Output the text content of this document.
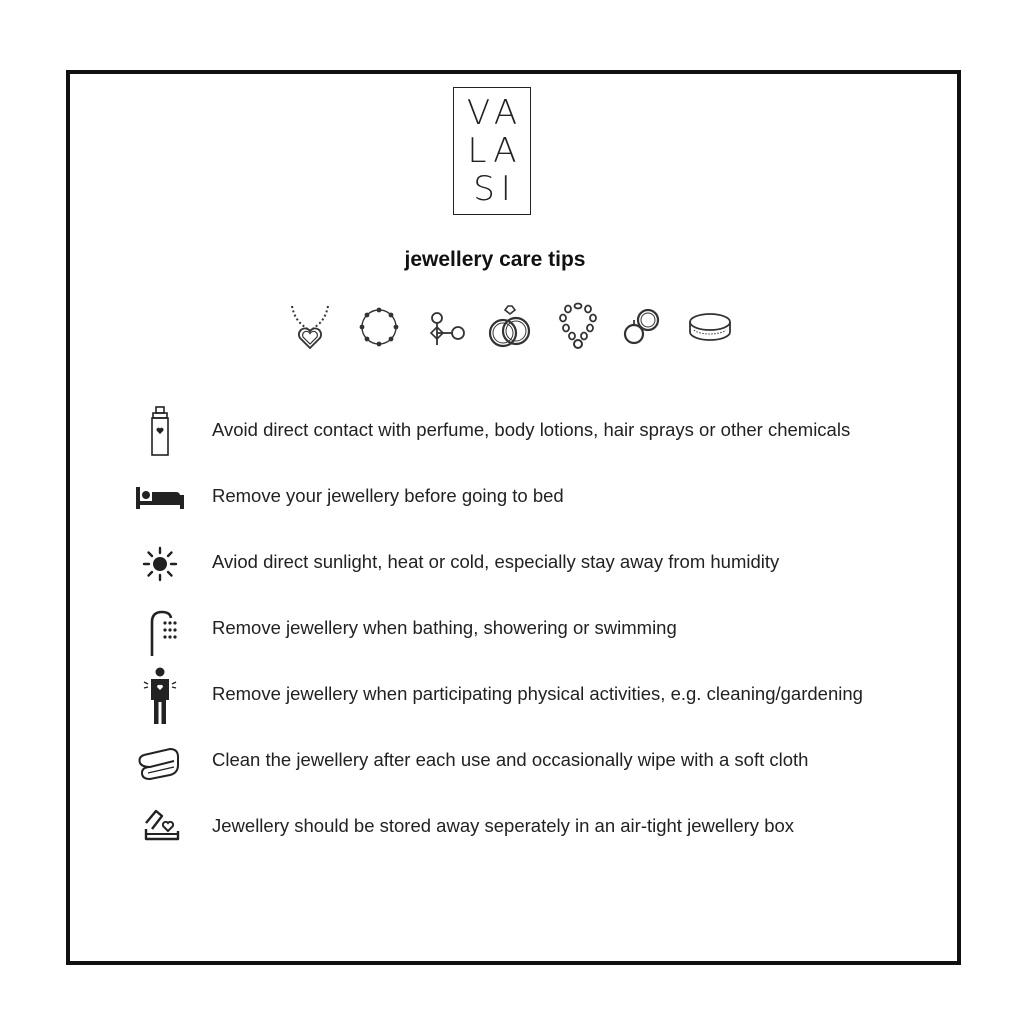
VA
LA
SI
jewellery care tips
Avoid direct contact with perfume, body lotions, hair sprays or other chemicals
Remove your jewellery before going to bed
Aviod direct sunlight, heat or cold, especially stay away from humidity
Remove jewellery when bathing, showering or swimming
Remove jewellery when participating physical activities, e.g. cleaning/gardening
Clean the jewellery after each use and occasionally wipe with a soft cloth
Jewellery should be stored away seperately in an air-tight jewellery box
